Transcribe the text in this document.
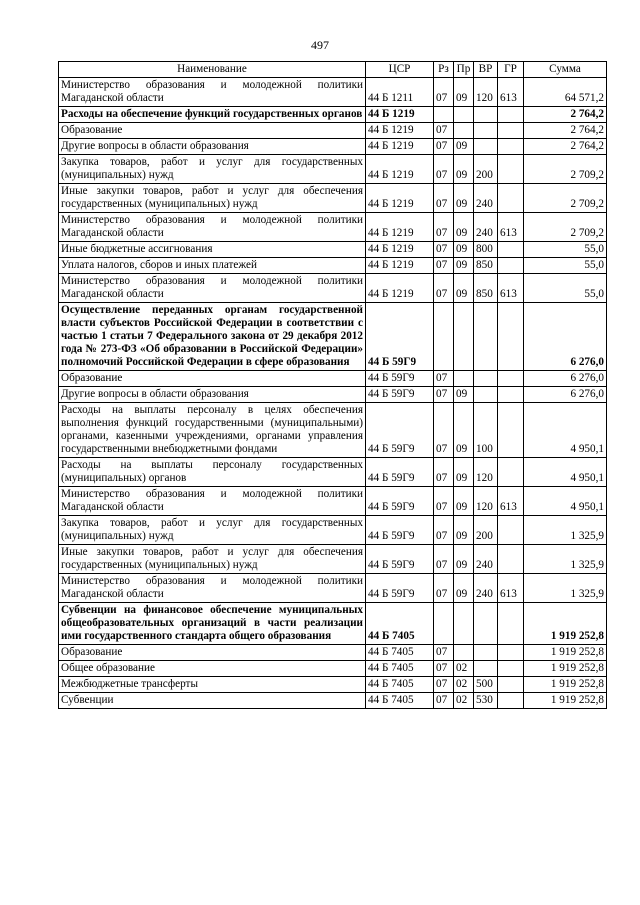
497
Наименование	ЦСР	Рз	Пр	ВР	ГР	Сумма
Министерство образования и молодежной политики Магаданской области	44 Б 1211	07	09	120	613	64 571,2
Расходы на обеспечение функций государственных органов	44 Б 1219					2 764,2
Образование	44 Б 1219	07				2 764,2
Другие вопросы в области образования	44 Б 1219	07	09			2 764,2
Закупка товаров, работ и услуг для государственных (муниципальных) нужд	44 Б 1219	07	09	200		2 709,2
Иные закупки товаров, работ и услуг для обеспечения государственных (муниципальных) нужд	44 Б 1219	07	09	240		2 709,2
Министерство образования и молодежной политики Магаданской области	44 Б 1219	07	09	240	613	2 709,2
Иные бюджетные ассигнования	44 Б 1219	07	09	800		55,0
Уплата налогов, сборов и иных платежей	44 Б 1219	07	09	850		55,0
Министерство образования и молодежной политики Магаданской области	44 Б 1219	07	09	850	613	55,0
Осуществление переданных органам государственной власти субъектов Российской Федерации в соответствии с частью 1 статьи 7 Федерального закона от 29 декабря 2012 года № 273-ФЗ «Об образовании в Российской Федерации» полномочий Российской Федерации в сфере образования	44 Б 59Г9					6 276,0
Образование	44 Б 59Г9	07				6 276,0
Другие вопросы в области образования	44 Б 59Г9	07	09			6 276,0
Расходы на выплаты персоналу в целях обеспечения выполнения функций государственными (муниципальными) органами, казенными учреждениями, органами управления государственными внебюджетными фондами	44 Б 59Г9	07	09	100		4 950,1
Расходы на выплаты персоналу государственных (муниципальных) органов	44 Б 59Г9	07	09	120		4 950,1
Министерство образования и молодежной политики Магаданской области	44 Б 59Г9	07	09	120	613	4 950,1
Закупка товаров, работ и услуг для государственных (муниципальных) нужд	44 Б 59Г9	07	09	200		1 325,9
Иные закупки товаров, работ и услуг для обеспечения государственных (муниципальных) нужд	44 Б 59Г9	07	09	240		1 325,9
Министерство образования и молодежной политики Магаданской области	44 Б 59Г9	07	09	240	613	1 325,9
Субвенции на финансовое обеспечение муниципальных общеобразовательных организаций в части реализации ими государственного стандарта общего образования	44 Б 7405					1 919 252,8
Образование	44 Б 7405	07				1 919 252,8
Общее образование	44 Б 7405	07	02			1 919 252,8
Межбюджетные трансферты	44 Б 7405	07	02	500		1 919 252,8
Субвенции	44 Б 7405	07	02	530		1 919 252,8
